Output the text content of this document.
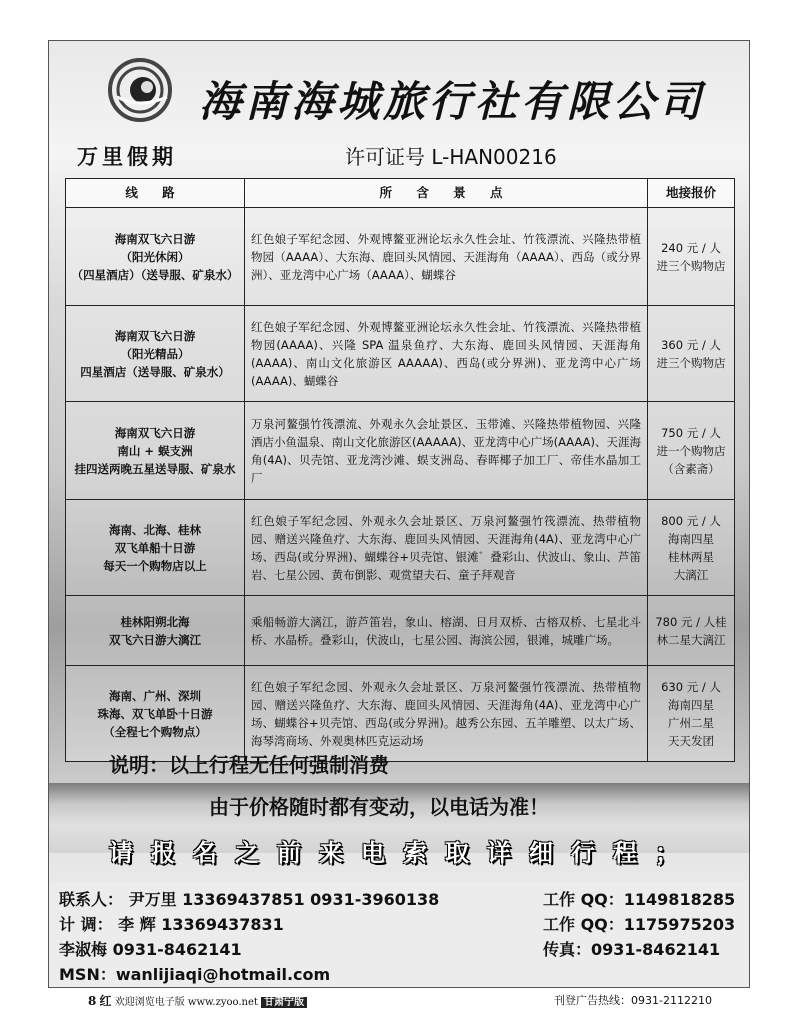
海南海城旅行社有限公司
万里假期	许可证号 L-HAN00216
线 路	所 含 景 点	地接报价

海南双飞六日游
（阳光休闲）
（四星酒店）（送导服、矿泉水）	红色娘子军纪念园、外观博鳌亚洲论坛永久性会址、竹筏漂流、兴隆热带植物园（AAAA）、大东海、鹿回头风情园、天涯海角（AAAA）、西岛（或分界洲）、亚龙湾中心广场（AAAA）、蝴蝶谷	240 元 / 人
进三个购物店

海南双飞六日游
（阳光精品）
四星酒店（送导服、矿泉水）	红色娘子军纪念园、外观博鳌亚洲论坛永久性会址、竹筏漂流、兴隆热带植物园(AAAA)、兴隆 SPA 温泉鱼疗、大东海、鹿回头风情园、天涯海角(AAAA)、南山文化旅游区 AAAAA)、西岛(或分界洲)、亚龙湾中心广场(AAAA)、蝴蝶谷	360 元 / 人
进三个购物店

海南双飞六日游
南山 + 蜈支洲
挂四送两晚五星送导服、矿泉水	万泉河鳌强竹筏漂流、外观永久会址景区、玉带滩、兴隆热带植物园、兴隆酒店小鱼温泉、南山文化旅游区(AAAAA)、亚龙湾中心广场(AAAA)、天涯海角(4A)、贝壳馆、亚龙湾沙滩、蜈支洲岛、春晖椰子加工厂、帝佳水晶加工厂	750 元 / 人
进一个购物店
（含素斋）

海南、北海、桂林
双飞单船十日游
每天一个购物店以上	红色娘子军纪念园、外观永久会址景区、万泉河鳌强竹筏漂流、热带植物园、赠送兴隆鱼疗、大东海、鹿回头风情园、天涯海角(4A)、亚龙湾中心广场、西岛(或分界洲)、蝴蝶谷+贝壳馆、银滩゛叠彩山、伏波山、象山、芦笛岩、七星公园、黄布倒影、观赏望夫石、童子拜观音	800 元 / 人
海南四星
桂林两星
大漓江

桂林阳朔北海
双飞六日游大漓江	乘船畅游大漓江，游芦笛岩，象山、榕湖、日月双桥、古榕双桥、七星北斗桥、水晶桥。叠彩山，伏波山，七星公园、海滨公园，银滩，城雕广场。	780 元 / 人桂
林二星大漓江

海南、广州、深圳
珠海、双飞单卧十日游
（全程七个购物点）	红色娘子军纪念园、外观永久会址景区、万泉河鳌强竹筏漂流、热带植物园、赠送兴隆鱼疗、大东海、鹿回头风情园、天涯海角(4A)、亚龙湾中心广场、蝴蝶谷+贝壳馆、西岛(或分界洲)。越秀公东园、五羊雕塑、以太广场、海琴湾商场、外观奥林匹克运动场	630 元 / 人
海南四星
广州二星
天天发团
说明：以上行程无任何强制消费
由于价格随时都有变动，以电话为准！
请报名之前来电索取详细行程；
联系人： 尹万里 13369437851 0931-3960138	工作 QQ：1149818285
计 调： 李 辉 13369437831	工作 QQ：1175975203
李淑梅 0931-8462141	传真：0931-8462141
MSN：wanlijiaqi@hotmail.com
8 红 欢迎浏览电子版 www.zyoo.net 甘肃宁版	刊登广告热线：0931-2112210
